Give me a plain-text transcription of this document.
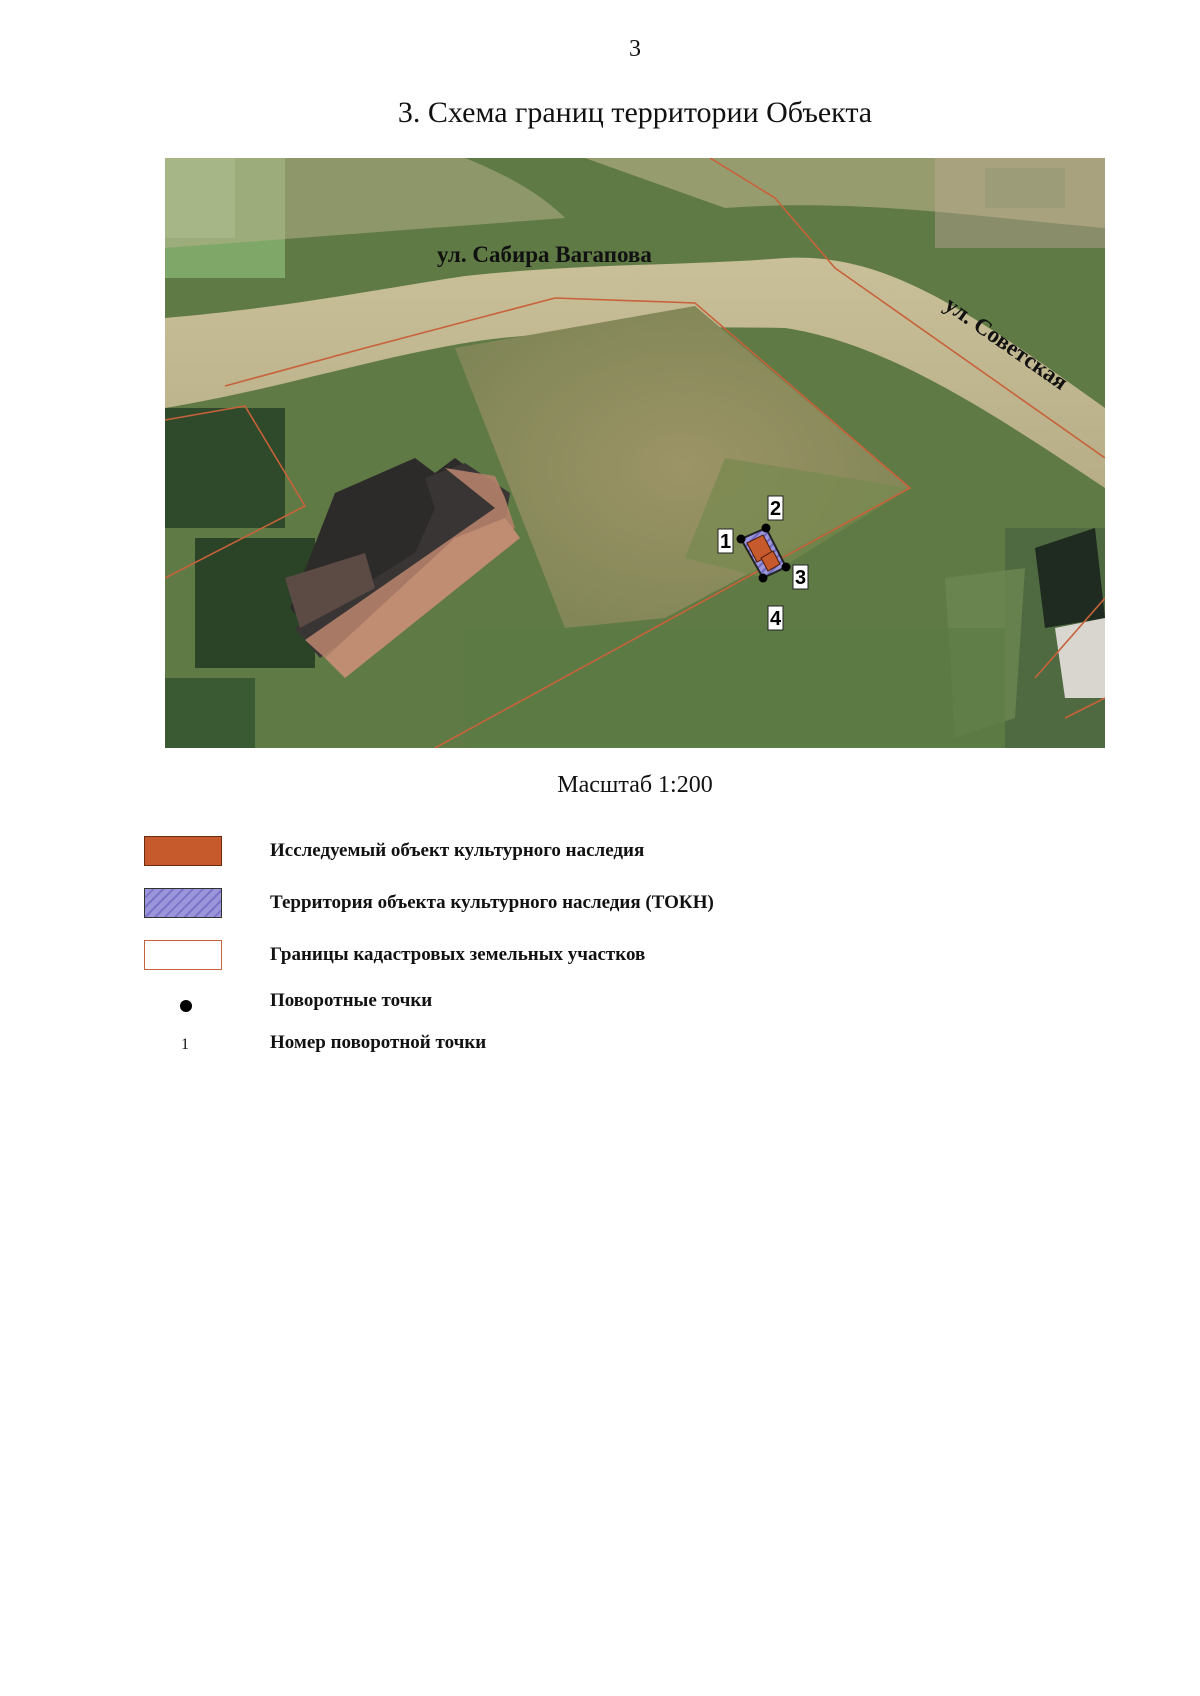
3
3. Схема границ территории Объекта
1
2
3
4
ул. Сабира Вагапова
ул. Советская
Масштаб 1:200
Исследуемый объект культурного наследия
Территория объекта культурного наследия (ТОКН)
Границы кадастровых земельных участков
Поворотные точки
1	Номер поворотной точки
